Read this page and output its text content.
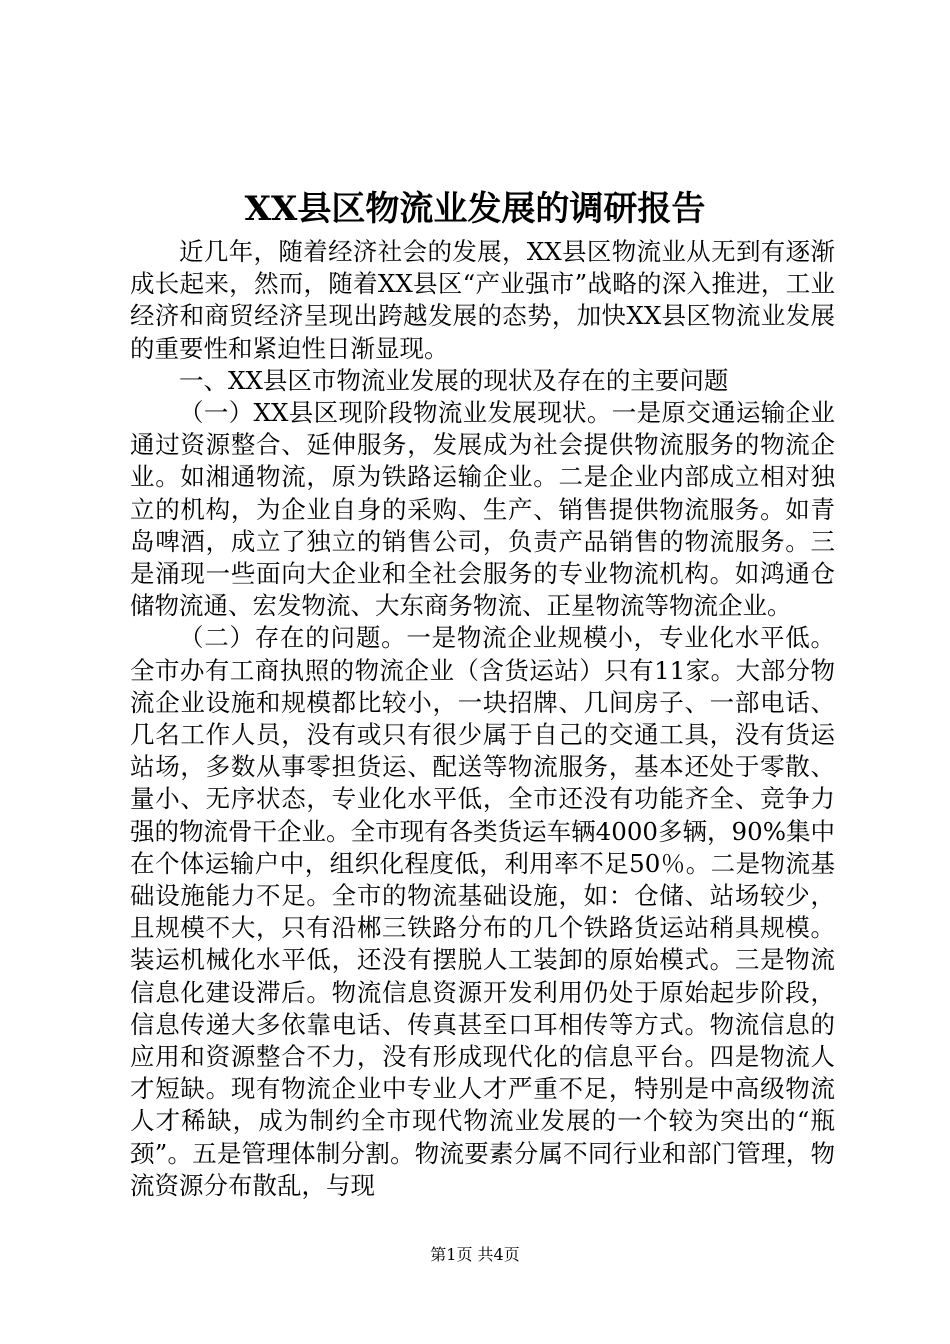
XX县区物流业发展的调研报告

近几年，随着经济社会的发展，XX县区物流业从无到有逐渐成长起来，然而，随着XX县区“产业强市”战略的深入推进，工业经济和商贸经济呈现出跨越发展的态势，加快XX县区物流业发展的重要性和紧迫性日渐显现。

一、XX县区市物流业发展的现状及存在的主要问题

（一）XX县区现阶段物流业发展现状。一是原交通运输企业通过资源整合、延伸服务，发展成为社会提供物流服务的物流企业。如湘通物流，原为铁路运输企业。二是企业内部成立相对独立的机构，为企业自身的采购、生产、销售提供物流服务。如青岛啤酒，成立了独立的销售公司，负责产品销售的物流服务。三是涌现一些面向大企业和全社会服务的专业物流机构。如鸿通仓储物流通、宏发物流、大东商务物流、正星物流等物流企业。

（二）存在的问题。一是物流企业规模小，专业化水平低。全市办有工商执照的物流企业（含货运站）只有11家。大部分物流企业设施和规模都比较小，一块招牌、几间房子、一部电话、几名工作人员，没有或只有很少属于自己的交通工具，没有货运站场，多数从事零担货运、配送等物流服务，基本还处于零散、量小、无序状态，专业化水平低，全市还没有功能齐全、竞争力强的物流骨干企业。全市现有各类货运车辆4000多辆，90%集中在个体运输户中，组织化程度低，利用率不足50％。二是物流基础设施能力不足。全市的物流基础设施，如：仓储、站场较少，且规模不大，只有沿郴三铁路分布的几个铁路货运站稍具规模。装运机械化水平低，还没有摆脱人工装卸的原始模式。三是物流信息化建设滞后。物流信息资源开发利用仍处于原始起步阶段，信息传递大多依靠电话、传真甚至口耳相传等方式。物流信息的应用和资源整合不力，没有形成现代化的信息平台。四是物流人才短缺。现有物流企业中专业人才严重不足，特别是中高级物流人才稀缺，成为制约全市现代物流业发展的一个较为突出的“瓶颈”。五是管理体制分割。物流要素分属不同行业和部门管理，物流资源分布散乱，与现

第1页 共4页
